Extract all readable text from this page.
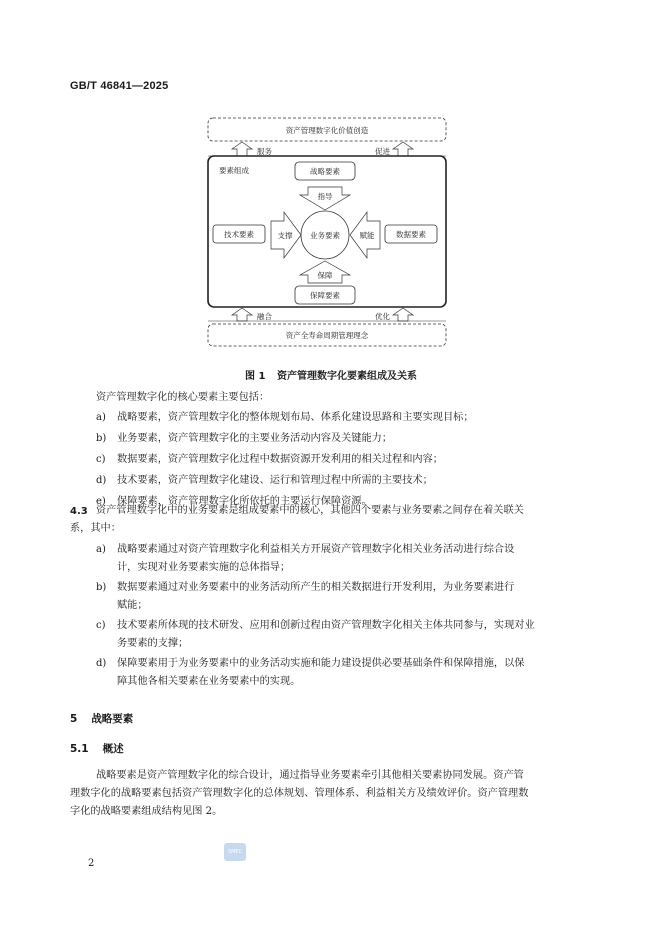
GB/T 46841—2025
资产管理数字化价值创造
服务	促进
要素组成	战略要素
指导
业务要素
技术要素	支撑	数据要素
赋能
保障
保障要素
融合	优化
资产全寿命周期管理理念
图 1 资产管理数字化要素组成及关系
资产管理数字化的核心要素主要包括：
a) 战略要素，资产管理数字化的整体规划布局、体系化建设思路和主要实现目标；
b) 业务要素，资产管理数字化的主要业务活动内容及关键能力；
c) 数据要素，资产管理数字化过程中数据资源开发利用的相关过程和内容；
d) 技术要素，资产管理数字化建设、运行和管理过程中所需的主要技术；
e) 保障要素，资产管理数字化所依托的主要运行保障资源。
4.3 资产管理数字化中的业务要素是组成要素中的核心，其他四个要素与业务要素之间存在着关联关
系，其中：
a) 战略要素通过对资产管理数字化利益相关方开展资产管理数字化相关业务活动进行综合设
计，实现对业务要素实施的总体指导；
b) 数据要素通过对业务要素中的业务活动所产生的相关数据进行开发利用，为业务要素进行
赋能；
c) 技术要素所体现的技术研发、应用和创新过程由资产管理数字化相关主体共同参与，实现对业
务要素的支撑；
d) 保障要素用于为业务要素中的业务活动实施和能力建设提供必要基础条件和保障措施，以保
障其他各相关要素在业务要素中的实现。
5 战略要素
5.1 概述
战略要素是资产管理数字化的综合设计，通过指导业务要素牵引其他相关要素协同发展。资产管
理数字化的战略要素包括资产管理数字化的总体规划、管理体系、利益相关方及绩效评价。资产管理数
字化的战略要素组成结构见图 2。
SMEC
2
